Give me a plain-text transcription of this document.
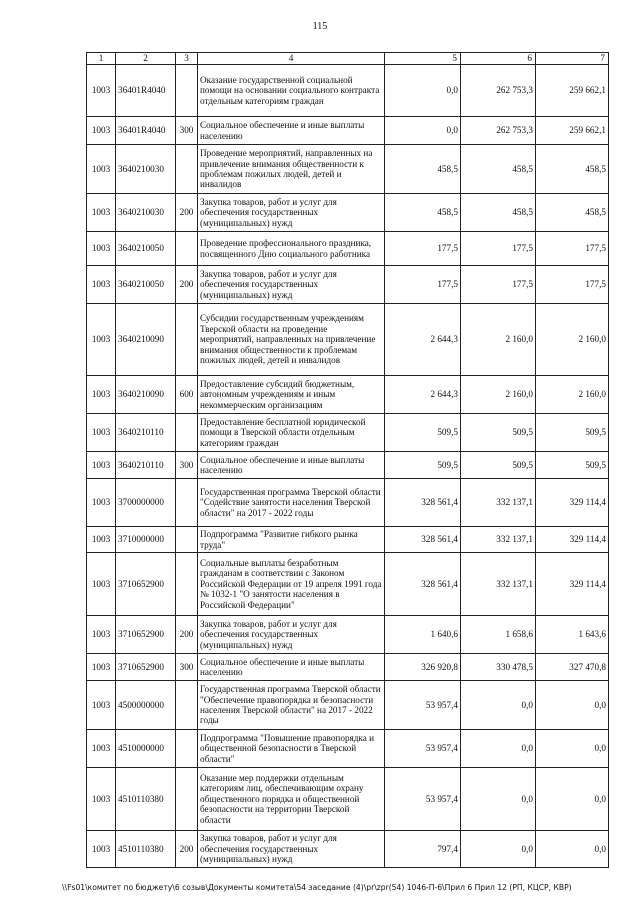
115
1	2	3	4	5	6	7
1003	36401R4040		Оказание государственной социальной помощи на основании социального контракта отдельным категориям граждан	0,0	262 753,3	259 662,1
1003	36401R4040	300	Социальное обеспечение и иные выплаты населению	0,0	262 753,3	259 662,1
1003	3640210030		Проведение мероприятий, направленных на привлечение внимания общественности к проблемам пожилых людей, детей и инвалидов	458,5	458,5	458,5
1003	3640210030	200	Закупка товаров, работ и услуг для обеспечения государственных (муниципальных) нужд	458,5	458,5	458,5
1003	3640210050		Проведение профессионального праздника, посвященного Дню социального работника	177,5	177,5	177,5
1003	3640210050	200	Закупка товаров, работ и услуг для обеспечения государственных (муниципальных) нужд	177,5	177,5	177,5
1003	3640210090		Субсидии государственным учреждениям Тверской области на проведение мероприятий, направленных на привлечение внимания общественности к проблемам пожилых людей, детей и инвалидов	2 644,3	2 160,0	2 160,0
1003	3640210090	600	Предоставление субсидий бюджетным, автономным учреждениям и иным некоммерческим организациям	2 644,3	2 160,0	2 160,0
1003	3640210110		Предоставление бесплатной юридической помощи в Тверской области отдельным категориям граждан	509,5	509,5	509,5
1003	3640210110	300	Социальное обеспечение и иные выплаты населению	509,5	509,5	509,5
1003	3700000000		Государственная программа Тверской области "Содействие занятости населения Тверской области" на 2017 - 2022 годы	328 561,4	332 137,1	329 114,4
1003	3710000000		Подпрограмма "Развитие гибкого рынка труда"	328 561,4	332 137,1	329 114,4
1003	3710652900		Социальные выплаты безработным гражданам в соответствии с Законом Российской Федерации от 19 апреля 1991 года № 1032-1 "О занятости населения в Российской Федерации"	328 561,4	332 137,1	329 114,4
1003	3710652900	200	Закупка товаров, работ и услуг для обеспечения государственных (муниципальных) нужд	1 640,6	1 658,6	1 643,6
1003	3710652900	300	Социальное обеспечение и иные выплаты населению	326 920,8	330 478,5	327 470,8
1003	4500000000		Государственная программа Тверской области "Обеспечение правопорядка и безопасности населения Тверской области" на 2017 - 2022 годы	53 957,4	0,0	0,0
1003	4510000000		Подпрограмма "Повышение правопорядка и общественной безопасности в Тверской области"	53 957,4	0,0	0,0
1003	4510110380		Оказание мер поддержки отдельным категориям лиц, обеспечивающим охрану общественного порядка и общественной безопасности на территории Тверской области	53 957,4	0,0	0,0
1003	4510110380	200	Закупка товаров, работ и услуг для обеспечения государственных (муниципальных) нужд	797,4	0,0	0,0
\\Fs01\комитет по бюджету\6 созыв\Документы комитета\54 заседание (4)\pr\zpr(54) 1046-П-6\Прил 6 Прил 12 (РП, КЦСР, КВР)
